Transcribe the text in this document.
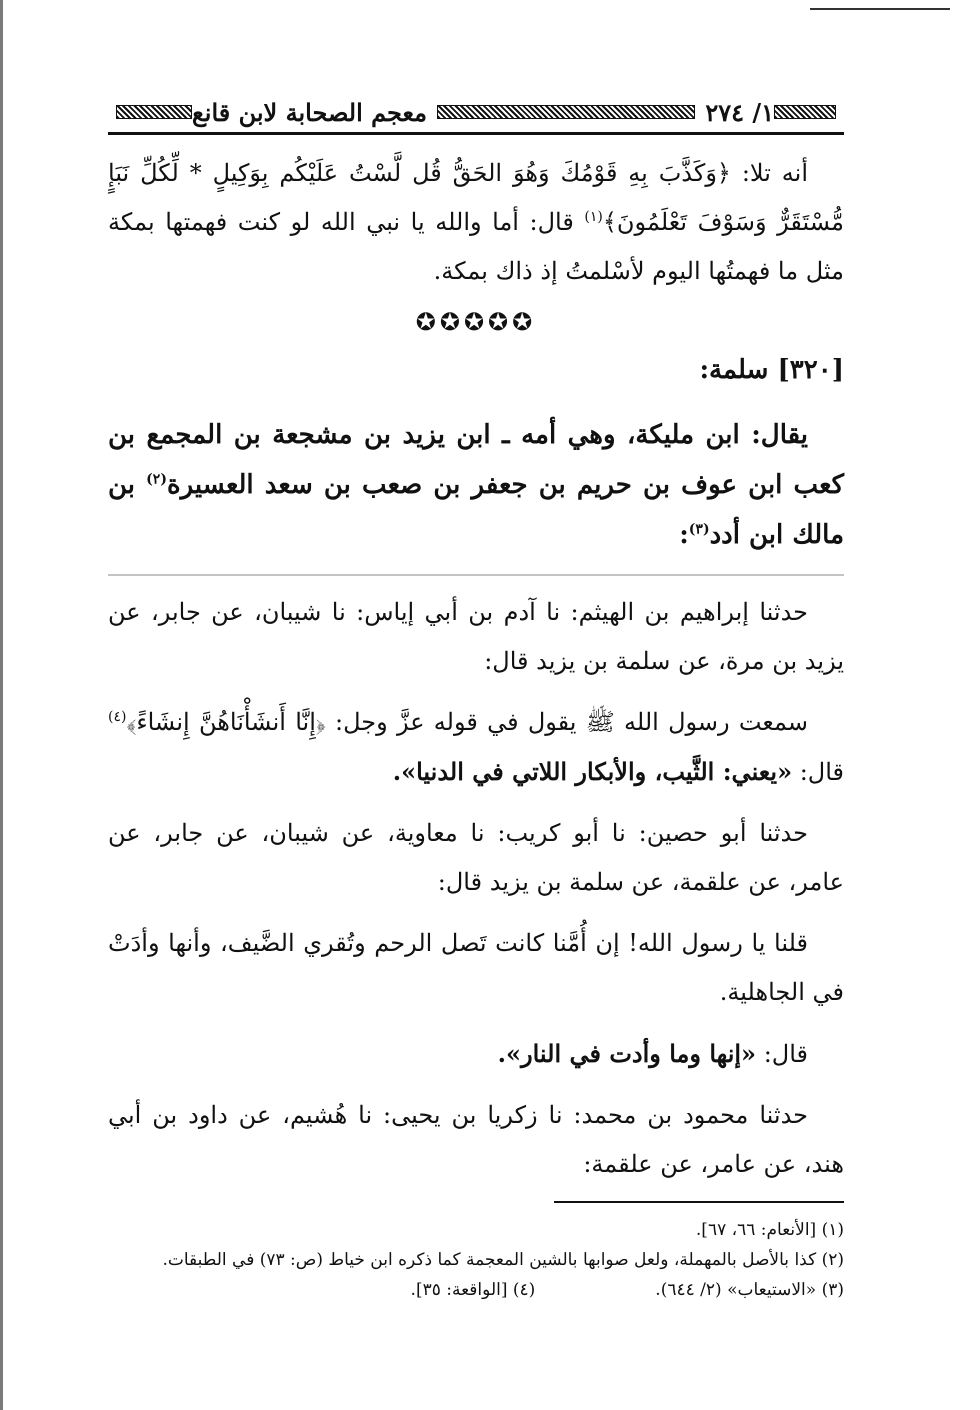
١/ ٢٧٤
معجم الصحابة لابن قانع

أنه تلا: ﴿وَكَذَّبَ بِهِ قَوْمُكَ وَهُوَ الحَقُّ قُل لَّسْتُ عَلَيْكُم بِوَكِيلٍ * لِّكُلِّ نَبَإٍ مُّسْتَقَرٌّ وَسَوْفَ تَعْلَمُونَ﴾$^{(١)}$ قال: أما والله يا نبي الله لو كنت فهمتها بمكة مثل ما فهمتُها اليوم لأسْلمتُ إذ ذاك بمكة.

✪✪✪✪✪
[٣٢٠] سلمة:

يقال: ابن مليكة، وهي أمه ـ ابن يزيد بن مشجعة بن المجمع بن كعب ابن عوف بن حريم بن جعفر بن صعب بن سعد العسيرة$^{(٢)}$ بن مالك ابن أدد$^{(٣)}$:

حدثنا إبراهيم بن الهيثم: نا آدم بن أبي إياس: نا شيبان، عن جابر، عن يزيد بن مرة، عن سلمة بن يزيد قال:

سمعت رسول الله ﷺ يقول في قوله عزَّ وجل: ﴿إِنَّا أَنشَأْنَاهُنَّ إِنشَاءً﴾$^{(٤)}$ قال: «يعني: الثَّيب، والأبكار اللاتي في الدنيا».

حدثنا أبو حصين: نا أبو كريب: نا معاوية، عن شيبان، عن جابر، عن عامر، عن علقمة، عن سلمة بن يزيد قال:

قلنا يا رسول الله! إن أُمَّنا كانت تَصل الرحم وتُقري الضَّيف، وأنها وأدَتْ في الجاهلية.

قال: «إنها وما وأدت في النار».

حدثنا محمود بن محمد: نا زكريا بن يحيى: نا هُشيم، عن داود بن أبي هند، عن عامر، عن علقمة:

(١) [الأنعام: ٦٦، ٦٧].
(٢) كذا بالأصل بالمهملة، ولعل صوابها بالشين المعجمة كما ذكره ابن خياط (ص: ٧٣) في الطبقات.
(٣) «الاستيعاب» (٢/ ٦٤٤).
(٤) [الواقعة: ٣٥].
